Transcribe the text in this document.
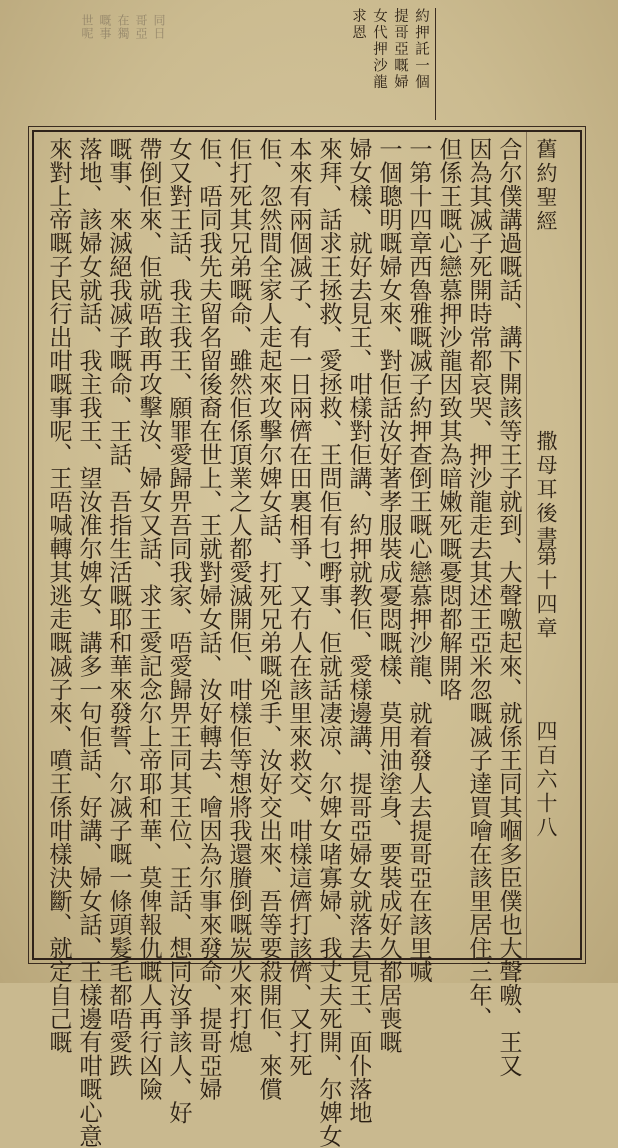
同日
哥亞
在獨
嘅事
世呢	約押託一個
提哥亞嘅婦
女代押沙龍
求恩
舊約聖經
撒母耳後書
第十四章
四百六十八
合尔僕講過嘅話、講下開該等王子就到、大聲噭起來、就係王同其嗰多臣僕也大聲噭、王又
因為其㓕子死開時常都哀哭、押沙龍走去其述王亞米忽嘅㓕子達買噲在該里居住三年、
但係王嘅心戀慕押沙龍因致其為暗嫩死嘅憂悶都解開咯
一第十四章西魯雅嘅㓕子約押查倒王嘅心戀慕押沙龍、就着發人去提哥亞在該里喊
一個聰明嘅婦女來、對佢話汝好著孝服裝成憂悶嘅樣、莫用油塗身、要裝成好久都居喪嘅
婦女樣、就好去見王、咁樣對佢講、約押就教佢、愛樣邊講、提哥亞婦女就落去見王、面仆落地
來拜、話求王拯救、愛拯救、王問佢有乜嘢事、佢就話凄凉、尔婢女啫寡婦、我丈夫死開、尔婢女
本來有兩個㓕子、有一日兩儕在田裏相爭、又冇人在該里來救交、咁樣這儕打該儕、又打死
佢、忽然間全家人走起來攻擊尔婢女話、打死兄弟嘅兇手、汝好交出來、吾等要殺開佢、來償
佢打死其兄弟嘅命、雖然佢係頂業之人都愛滅開佢、咁樣佢等想將我還賸倒嘅炭火來打熄
佢、唔同我先夫留名留後裔在世上、王就對婦女話、汝好轉去、噲因為尔事來發命、提哥亞婦
女又對王話、我主我王、願罪愛歸畀吾同我家、唔愛歸畀王同其王位、王話、想同汝爭該人、好
帶倒佢來、佢就唔敢再攻擊汝、婦女又話、求王愛記念尔上帝耶和華、莫俾報仇嘅人再行凶險
嘅事、來滅絕我㓕子嘅命、王話、吾指生活嘅耶和華來發誓、尔㓕子嘅一條頭髮毛都唔愛跌
落地、該婦女就話、我主我王、望汝准尔婢女、講多一句佢話、好講、婦女話、王樣邊有咁嘅心意
來對上帝嘅子民行出咁嘅事呢、王唔喊轉其逃走嘅㓕子來、噴王係咁樣決斷、就定自己嘅
